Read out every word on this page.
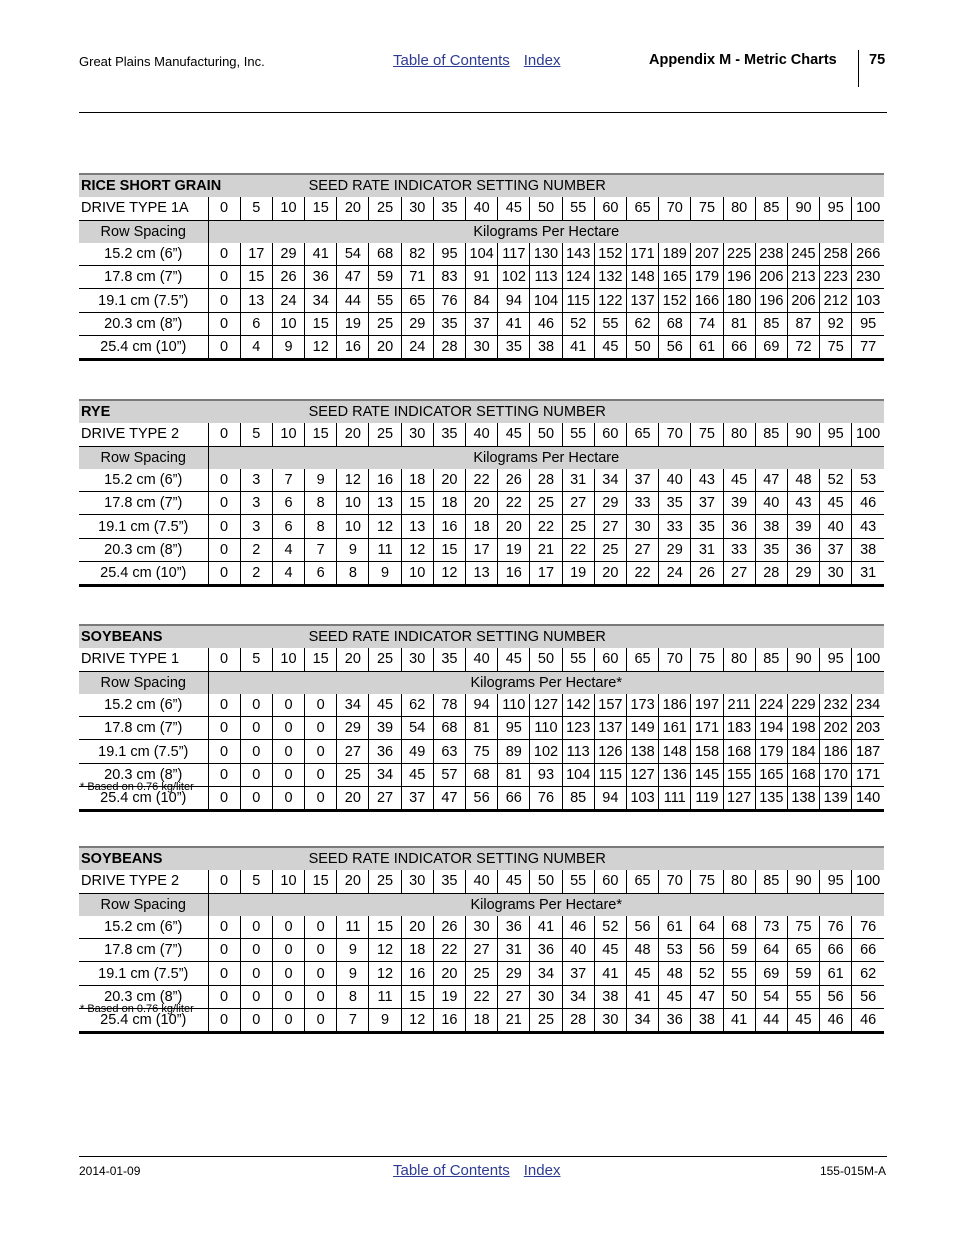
Great Plains Manufacturing, Inc.	Table of Contents Index	Appendix M - Metric Charts 75
RICE SHORT GRAIN				SEED RATE INDICATOR SETTING NUMBER																	
DRIVE TYPE 1A	0	5	10	15	20	25	30	35	40	45	50	55	60	65	70	75	80	85	90	95	100
Row Spacing	Kilograms Per Hectare																				
15.2 cm (6”)	0	17	29	41	54	68	82	95	104	117	130	143	152	171	189	207	225	238	245	258	266
17.8 cm (7”)	0	15	26	36	47	59	71	83	91	102	113	124	132	148	165	179	196	206	213	223	230
19.1 cm (7.5”)	0	13	24	34	44	55	65	76	84	94	104	115	122	137	152	166	180	196	206	212	103
20.3 cm (8”)	0	6	10	15	19	25	29	35	37	41	46	52	55	62	68	74	81	85	87	92	95
25.4 cm (10”)	0	4	9	12	16	20	24	28	30	35	38	41	45	50	56	61	66	69	72	75	77
RYE				SEED RATE INDICATOR SETTING NUMBER																	
DRIVE TYPE 2	0	5	10	15	20	25	30	35	40	45	50	55	60	65	70	75	80	85	90	95	100
Row Spacing	Kilograms Per Hectare																				
15.2 cm (6”)	0	3	7	9	12	16	18	20	22	26	28	31	34	37	40	43	45	47	48	52	53
17.8 cm (7”)	0	3	6	8	10	13	15	18	20	22	25	27	29	33	35	37	39	40	43	45	46
19.1 cm (7.5”)	0	3	6	8	10	12	13	16	18	20	22	25	27	30	33	35	36	38	39	40	43
20.3 cm (8”)	0	2	4	7	9	11	12	15	17	19	21	22	25	27	29	31	33	35	36	37	38
25.4 cm (10”)	0	2	4	6	8	9	10	12	13	16	17	19	20	22	24	26	27	28	29	30	31
SOYBEANS				SEED RATE INDICATOR SETTING NUMBER																	
DRIVE TYPE 1	0	5	10	15	20	25	30	35	40	45	50	55	60	65	70	75	80	85	90	95	100
Row Spacing	Kilograms Per Hectare*																				
15.2 cm (6”)	0	0	0	0	34	45	62	78	94	110	127	142	157	173	186	197	211	224	229	232	234
17.8 cm (7”)	0	0	0	0	29	39	54	68	81	95	110	123	137	149	161	171	183	194	198	202	203
19.1 cm (7.5”)	0	0	0	0	27	36	49	63	75	89	102	113	126	138	148	158	168	179	184	186	187
20.3 cm (8”)	0	0	0	0	25	34	45	57	68	81	93	104	115	127	136	145	155	165	168	170	171
25.4 cm (10”)	0	0	0	0	20	27	37	47	56	66	76	85	94	103	111	119	127	135	138	139	140
* Based on 0.76 kg/liter
SOYBEANS				SEED RATE INDICATOR SETTING NUMBER																	
DRIVE TYPE 2	0	5	10	15	20	25	30	35	40	45	50	55	60	65	70	75	80	85	90	95	100
Row Spacing	Kilograms Per Hectare*																				
15.2 cm (6”)	0	0	0	0	11	15	20	26	30	36	41	46	52	56	61	64	68	73	75	76	76
17.8 cm (7”)	0	0	0	0	9	12	18	22	27	31	36	40	45	48	53	56	59	64	65	66	66
19.1 cm (7.5”)	0	0	0	0	9	12	16	20	25	29	34	37	41	45	48	52	55	69	59	61	62
20.3 cm (8”)	0	0	0	0	8	11	15	19	22	27	30	34	38	41	45	47	50	54	55	56	56
25.4 cm (10”)	0	0	0	0	7	9	12	16	18	21	25	28	30	34	36	38	41	44	45	46	46
* Based on 0.76 kg/liter
2014-01-09	Table of Contents Index	155-015M-A
